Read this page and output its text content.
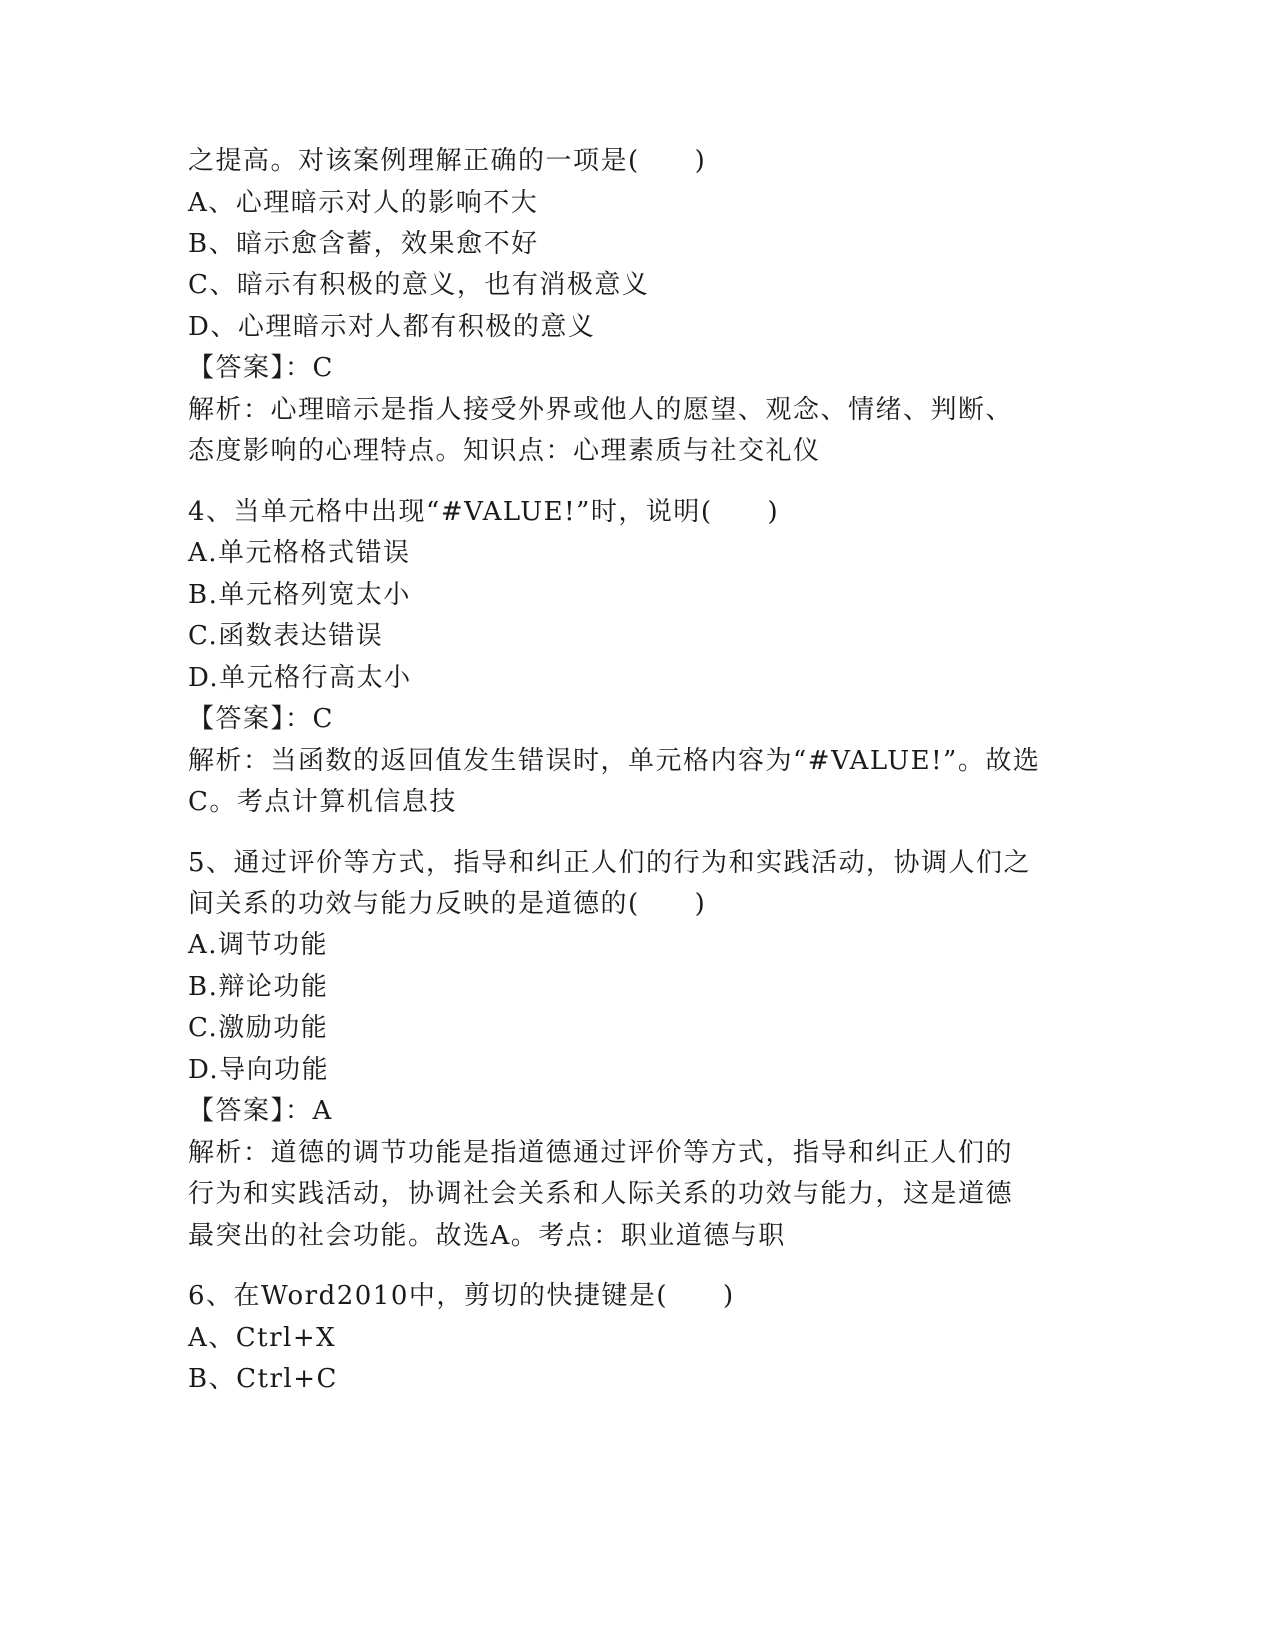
之提高。对该案例理解正确的一项是(　　)
A、心理暗示对人的影响不大
B、暗示愈含蓄，效果愈不好
C、暗示有积极的意义，也有消极意义
D、心理暗示对人都有积极的意义
【答案】：C
解析：心理暗示是指人接受外界或他人的愿望、观念、情绪、判断、
态度影响的心理特点。知识点：心理素质与社交礼仪
4、当单元格中出现“#VALUE!”时，说明(　　)
A.单元格格式错误
B.单元格列宽太小
C.函数表达错误
D.单元格行高太小
【答案】：C
解析：当函数的返回值发生错误时，单元格内容为“#VALUE!”。故选
C。考点计算机信息技
5、通过评价等方式，指导和纠正人们的行为和实践活动，协调人们之
间关系的功效与能力反映的是道德的(　　)
A.调节功能
B.辩论功能
C.激励功能
D.导向功能
【答案】：A
解析：道德的调节功能是指道德通过评价等方式，指导和纠正人们的
行为和实践活动，协调社会关系和人际关系的功效与能力，这是道德
最突出的社会功能。故选A。考点：职业道德与职
6、在Word2010中，剪切的快捷键是(　　)
A、Ctrl+X
B、Ctrl+C
